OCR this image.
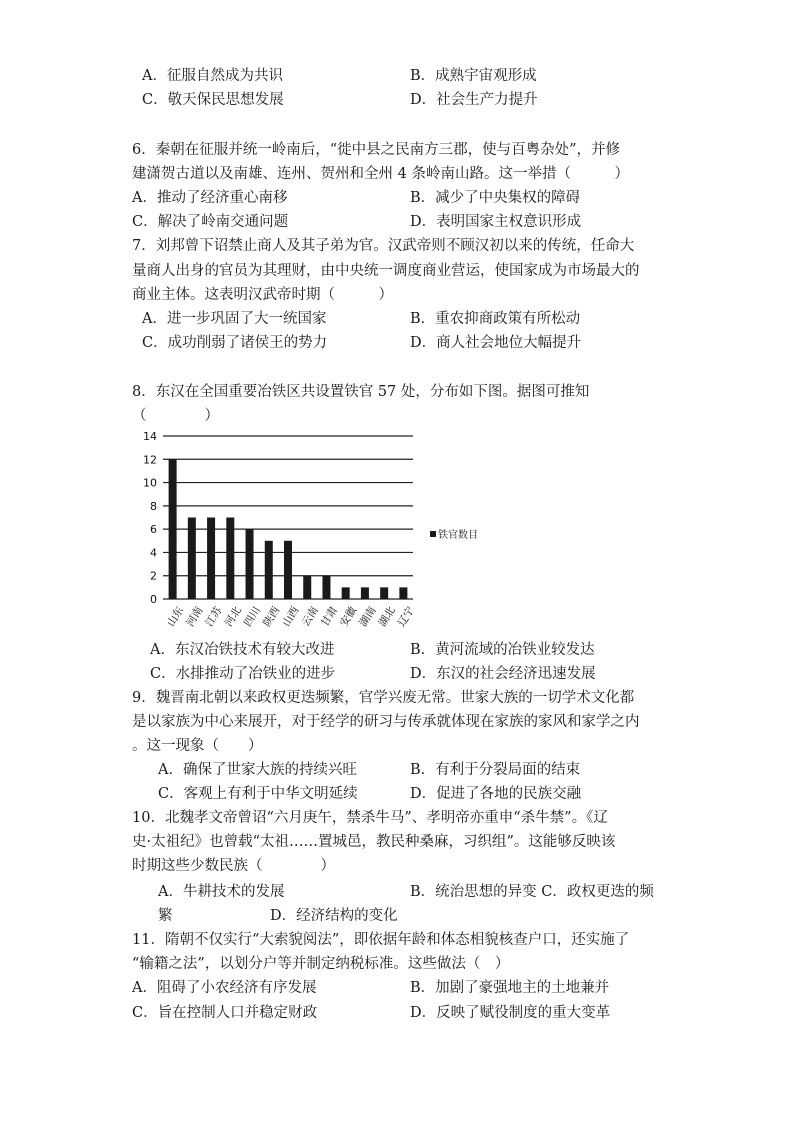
A．征服自然成为共识	B．成熟宇宙观形成
C．敬天保民思想发展	D．社会生产力提升
6．秦朝在征服并统一岭南后，“徙中县之民南方三郡，使与百粤杂处”，并修
建潇贺古道以及南雄、连州、贺州和全州 4 条岭南山路。这一举措（　　　）
A．推动了经济重心南移	B．减少了中央集权的障碍
C．解决了岭南交通问题	D．表明国家主权意识形成
7．刘邦曾下诏禁止商人及其子弟为官。汉武帝则不顾汉初以来的传统，任命大
量商人出身的官员为其理财，由中央统一调度商业营运，使国家成为市场最大的
商业主体。这表明汉武帝时期（　　　）
A．进一步巩固了大一统国家	B．重农抑商政策有所松动
C．成功削弱了诸侯王的势力	D．商人社会地位大幅提升
8．东汉在全国重要冶铁区共设置铁官 57 处，分布如下图。据图可推知
（　　　　）
0
2
4
6
8
10
12
14
山东
河南
江苏
河北
四川
陕西
山西
云南
甘肃
安徽
湖南
湖北
辽宁
铁官数目
A．东汉冶铁技术有较大改进	B．黄河流域的冶铁业较发达
C．水排推动了冶铁业的进步	D．东汉的社会经济迅速发展
9．魏晋南北朝以来政权更迭频繁，官学兴废无常。世家大族的一切学术文化都
是以家族为中心来展开，对于经学的研习与传承就体现在家族的家风和家学之内
。这一现象（　　）
A．确保了世家大族的持续兴旺	B．有利于分裂局面的结束
C．客观上有利于中华文明延续	D．促进了各地的民族交融
10．北魏孝文帝曾诏“六月庚午，禁杀牛马”、孝明帝亦重申“杀牛禁”。《辽
史·太祖纪》也曾载“太祖……置城邑，教民种桑麻，习织组”。这能够反映该
时期这些少数民族（　　　　）
A．牛耕技术的发展	B．统治思想的异变 C．政权更迭的频
繁	D．经济结构的变化
11．隋朝不仅实行“大索貌阅法”，即依据年龄和体态相貌核查户口，还实施了
“输籍之法”，以划分户等并制定纳税标准。这些做法（　）
A．阻碍了小农经济有序发展	B．加剧了豪强地主的土地兼并
C．旨在控制人口并稳定财政	D．反映了赋役制度的重大变革
